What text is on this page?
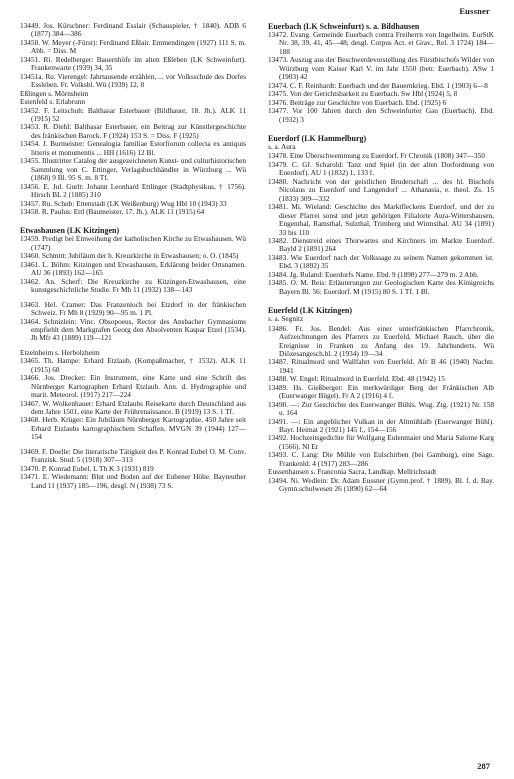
Eussner

13449. Jos. Kürschner: Ferdinand Esslair (Schauspieler, † 1840). ADB 6 (1877) 384—386

13450. W. Meyer (-Fürst): Ferdinand Eßlair. Emmendingen (1927) 111 S. m. Abb. = Diss. M

13451. Ri. Redelberger: Bauernhöfe im alten Eßleben (LK Schweinfurt). Frankenwarte (1939) 34, 35

13451a. Ru. Vierengel: Jahrtausende erzählen, ... vor Volksschule des Dorfes Essleben. Fr. Volksbl. Wü (1939) 12, 8

Eßlingen s. Mörnsheim

Estenfeld s. Erlabrunn

13452. F. Leitschuh: Balthasar Esterbauer (Bildhauer, 18. Jh.). ALK 11 (1915) 52

13453. R. Diehl: Balthasar Esterbauer, ein Beitrag zur Künstlergeschichte des fränkischen Barock. F (1924) 153 S. = Diss. F (1925)

13454. J. Burmeister: Genealogia familiae Estorfiorum collecta ex antiquis litteris et monumentis ... HH (1616) 12 Bl.

13455. Illustrirter Catalog der ausgezeichneten Kunst- und culturhistorischen Sammlung von C. Ettinger, Verlagsbuchhändler in Würzburg ... Wü (1868) 9 Bl. 95 S. m. 8 Tf.

13456. E. Jul. Gurlt: Johann Leonhard Ettlinger (Stadtphysikus, † 1756). Hirsch BL 2 (1885) 310

13457. Ru. Schub: Ettenstadt (LK Weißenburg) Wug Hbl 10 (1943) 33

13458. R. Paulus: Ettl (Baumeister, 17. Jh.). ALK 11 (1915) 64

Etwashausen (LK Kitzingen)

13459. Predigt bei Einweihung der katholischen Kirche zu Etwashausen. Wü (1747)

13460. Schmitt: Jubiläum der h. Kreuzkirche in Etwashausen; o. O. (1845)

13461. L. Böhm: Kitzingen und Etwashausen, Erklärung beider Ortsnamen. AU 36 (1893) 162—165

13462. An. Scherf: Die Kreuzkirche zu Kitzingen-Etwashausen, eine kunstgeschichtliche Studie. Fr Mh 11 (1932) 138—143

13463. Hel. Cramer: Das Franzenloch bei Etzdorf in der fränkischen Schweiz. Fr Mh 8 (1929) 90—95 m. 1 Pl.

13464. Schnizlein: Vinc. Obsopoeus, Rector des Ansbacher Gymnasiums empfiehlt dem Markgrafen Georg den Absolventen Kaspar Etzel (1534). Jb Mfr 43 (1889) 119—121

Etzelnheim s. Herbolzheim

13465. Th. Hampe: Erhard Etzlaub, (Kompaßmacher, † 1532). ALK 11 (1915) 68

13466. Jos. Drecker: Ein Instrument, eine Karte und eine Schrift des Nürnberger Kartographen Erhard Etzlaub. Ann. d. Hydrographie und marit. Meteorol. (1917) 217—224

13467. W. Wolkenhauer: Erhard Etzlaubs Reisekarte durch Deutschland aus dem Jahre 1501, eine Karte der Frührenaissance. B (1919) 13 S. 1 Tf.

13468. Herb. Krüger: Ein Jubiläum Nürnberger Kartographie, 450 Jahre seit Erhard Etzlaubs kartographischem Schaffen. MVGN 39 (1944) 127—154

13469. F. Doelle: Die literarische Tätigkeit des P. Konrad Eubel O. M. Conv. Franzisk. Stud. 5 (1918) 307—313

13470. P. Konrad Eubel. L Th K 3 (1931) 819

13471. E. Wiedemann: Blut und Boden auf der Eubener Höhe. Bayreuther Land 11 (1937) 185—196, desgl. N (1938) 73 S.

Euerbach (LK Schweinfurt) s. a. Bildhausen

13472. Evang. Gemeinde Euerbach contra Freiherrn von Ingelheim. EurStK Nr. 38, 39, 41, 45—48; desgl. Corpus Act. et Grav., Rel. 3 1724) 184—188

13473. Auszug aus der Beschwerdevorstellung des Fürstbischofs Wilder von Würzburg vom Kaiser Karl V. im Jahr 1550 (betr. Euerbach). ASw 1 (1903) 42

13474. C. F. Reinhardt: Euerbach und der Bauernkrieg. Ebd. 1 (1903) 6—8

13475. Von der Gerichtsbarkeit zu Euerbach. Sw Hbl (1924) 5, 8

13476. Beiträge zur Geschichte von Euerbach. Ebd. (1925) 6

13477. Vor 100 Jahren durch den Schweinfurter Gau (Euerbach). Ebd. (1932) 3

Euerdorf (LK Hammelburg)

s. a. Aura

13478. Eine Überschwemmung zu Euerdorf. Fr Chronik (1808) 347—350

13479. C. Gf. Scharold: Tanz und Spiel (in der alten Dorfordnung von Euerdorf). AU 1 (1832) 1, 133 f.

13480. Nachricht von der geistlichen Bruderschaft ... des hl. Bischofs Nicolaus zu Euerdorf und Langendorf ... Athanasia, e. theol. Zs. 15 (1833) 309—332

13481. Mi. Wieland: Geschichte des Marktfleckens Euerdorf, und der zu dieser Pfarrei sonst und jetzt gehörigen Filialorte Aura-Wittershausen, Engenthal, Ramsthal, Sulzthal, Trimberg und Wirmsthal. AU 34 (1891) 33 bis 110

13482. Dienstreid eines Thorwartes und Kirchners im Markte Euerdorf. Bayld 2 (1891) 264

13483. Wie Euerdorf nach der Volkssage zu seinem Namen gekommen ist. Ebd. 3 (1892) 35

13484. Jg. Ruland: Euerdorfs Name. Ebd. 9 (1898) 277—279 m. 2 Abb.

13485. O. M. Reis: Erläuterungen zur Geologischen Karte des Königreichs Bayern Bl. 56: Euerdorf. M (1915) 80 S. 1 Tf. 1 Bl.

Euerfeld (LK Kitzingen)

s. a. Segnitz

13486. Fr. Jos. Bendel: Aus einer unterfränkischen Pfarrchronik, Aufzeichnungen des Pfarrers zu Euerfeld, Michael Rauch, über die Ereignisse in Franken zu Anfang des 19. Jahrhunderts. Wü Diözesangesch.bl. 2 (1934) 19—34

13487. Ritualmord und Wallfahrt von Euerfeld. Afr B 46 (1940) Nachtr. 1941

13488. W. Engel: Ritualmord in Euerfeld. Ebd. 48 (1942) 15

13489. Hs. Gießberger: Ein merkwürdiger Berg der Fränkischen Alb (Euerwanger Bügel). Fr A 2 (1916) 4 f.

13490. —: Zur Geschichte des Euerwanger Bühls. Wug. Ztg. (1921) Nr. 158 u. 164

13491. —: Ein angeblicher Vulkan in der Altmühlalb (Euerwanger Bühl). Bayr. Heimat 2 (1921) 145 f., 154—156

13492. Hochzeitsgedichte für Wolfgang Eulenmaier und Maria Salome Karg (1566). Nl Er

13493. C. Lang: Die Mühle von Eulschirben (bei Gamburg), eine Sage. Frankenld. 4 (1917) 283—286

Eussenhausen s. Franconia Sacra, Landkap. Mellrichstadt

13494. Ni. Wedlein: Dr. Adam Eussner (Gymn.prof. † 1889). Bl. f. d. Bay. Gymn.schulwesen 26 (1890) 62—64

287
